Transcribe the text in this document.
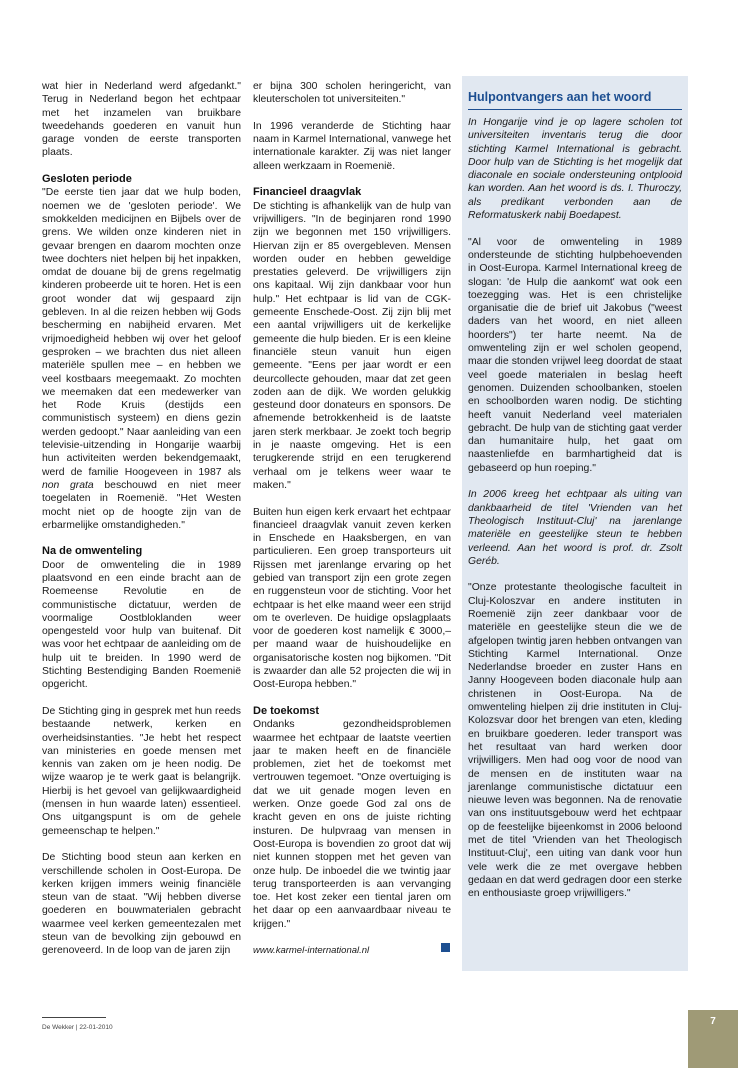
wat hier in Nederland werd afgedankt." Terug in Nederland begon het echtpaar met het inzamelen van bruikbare tweedehands goederen en vanuit hun garage vonden de eerste transporten plaats.

Gesloten periode

"De eerste tien jaar dat we hulp boden, noemen we de 'gesloten periode'. We smokkelden medicijnen en Bijbels over de grens. We wilden onze kinderen niet in gevaar brengen en daarom mochten onze twee dochters niet helpen bij het inpakken, omdat de douane bij de grens regelmatig kinderen probeerde uit te horen. Het is een groot wonder dat wij gespaard zijn gebleven. In al die reizen hebben wij Gods bescherming en nabijheid ervaren. Met vrijmoedigheid hebben wij over het geloof gesproken – we brachten dus niet alleen materiële spullen mee – en hebben we veel kostbaars meegemaakt. Zo mochten we meemaken dat een medewerker van het Rode Kruis (destijds een communistisch systeem) en diens gezin werden gedoopt." Naar aanleiding van een televisie-uitzending in Hongarije waarbij hun activiteiten werden bekendgemaakt, werd de familie Hoogeveen in 1987 als non grata beschouwd en niet meer toegelaten in Roemenië. "Het Westen mocht niet op de hoogte zijn van de erbarmelijke omstandigheden."

Na de omwenteling

Door de omwenteling die in 1989 plaatsvond en een einde bracht aan de Roemeense Revolutie en de communistische dictatuur, werden de voormalige Oostbloklanden weer opengesteld voor hulp van buitenaf. Dit was voor het echtpaar de aanleiding om de hulp uit te breiden. In 1990 werd de Stichting Bestendiging Banden Roemenië opgericht.

De Stichting ging in gesprek met hun reeds bestaande netwerk, kerken en overheidsinstanties. "Je hebt het respect van ministeries en goede mensen met kennis van zaken om je heen nodig. De wijze waarop je te werk gaat is belangrijk. Hierbij is het gevoel van gelijkwaardigheid (mensen in hun waarde laten) essentieel. Ons uitgangspunt is om de gehele gemeenschap te helpen."

De Stichting bood steun aan kerken en verschillende scholen in Oost-Europa. De kerken krijgen immers weinig financiële steun van de staat. "Wij hebben diverse goederen en bouwmaterialen gebracht waarmee veel kerken gemeentezalen met steun van de bevolking zijn gebouwd en gerenoveerd. In de loop van de jaren zijn

er bijna 300 scholen heringericht, van kleuterscholen tot universiteiten."

In 1996 veranderde de Stichting haar naam in Karmel International, vanwege het internationale karakter. Zij was niet langer alleen werkzaam in Roemenië.

Financieel draagvlak

De stichting is afhankelijk van de hulp van vrijwilligers. "In de beginjaren rond 1990 zijn we begonnen met 150 vrijwilligers. Hiervan zijn er 85 overgebleven. Mensen worden ouder en hebben geweldige prestaties geleverd. De vrijwilligers zijn ons kapitaal. Wij zijn dankbaar voor hun hulp." Het echtpaar is lid van de CGK-gemeente Enschede-Oost. Zij zijn blij met een aantal vrijwilligers uit de kerkelijke gemeente die hulp bieden. Er is een kleine financiële steun vanuit hun eigen gemeente. "Eens per jaar wordt er een deurcollecte gehouden, maar dat zet geen zoden aan de dijk. We worden gelukkig gesteund door donateurs en sponsors. De afnemende betrokkenheid is de laatste jaren sterk merkbaar. Je zoekt toch begrip in je naaste omgeving. Het is een terugkerende strijd en een terugkerend verhaal om je telkens weer waar te maken."

Buiten hun eigen kerk ervaart het echtpaar financieel draagvlak vanuit zeven kerken in Enschede en Haaksbergen, en van particulieren. Een groep transporteurs uit Rijssen met jarenlange ervaring op het gebied van transport zijn een grote zegen en ruggensteun voor de stichting. Voor het echtpaar is het elke maand weer een strijd om te overleven. De huidige opslagplaats voor de goederen kost namelijk € 3000,– per maand waar de huishoudelijke en organisatorische kosten nog bijkomen. "Dit is zwaarder dan alle 52 projecten die wij in Oost-Europa hebben."

De toekomst

Ondanks gezondheidsproblemen waarmee het echtpaar de laatste veertien jaar te maken heeft en de financiële problemen, ziet het de toekomst met vertrouwen tegemoet. "Onze overtuiging is dat we uit genade mogen leven en werken. Onze goede God zal ons de kracht geven en ons de juiste richting insturen. De hulpvraag van mensen in Oost-Europa is bovendien zo groot dat wij niet kunnen stoppen met het geven van onze hulp. De inboedel die we twintig jaar terug transporteerden is aan vervanging toe. Het kost zeker een tiental jaren om het daar op een aanvaardbaar niveau te krijgen."

www.karmel-international.nl

Hulpontvangers aan het woord

In Hongarije vind je op lagere scholen tot universiteiten inventaris terug die door stichting Karmel International is gebracht. Door hulp van de Stichting is het mogelijk dat diaconale en sociale ondersteuning ontplooid kan worden. Aan het woord is ds. I. Thuroczy, als predikant verbonden aan de Reformatuskerk nabij Boedapest.

"Al voor de omwenteling in 1989 ondersteunde de stichting hulpbehoevenden in Oost-Europa. Karmel International kreeg de slogan: 'de Hulp die aankomt' wat ook een toezegging was. Het is een christelijke organisatie die de brief uit Jakobus ("weest daders van het woord, en niet alleen hoorders") ter harte neemt. Na de omwenteling zijn er wel scholen geopend, maar die stonden vrijwel leeg doordat de staat veel goede materialen in beslag heeft genomen. Duizenden schoolbanken, stoelen en schoolborden waren nodig. De stichting heeft vanuit Nederland veel materialen gebracht. De hulp van de stichting gaat verder dan humanitaire hulp, het gaat om naastenliefde en barmhartigheid dat is gebaseerd op hun roeping."

In 2006 kreeg het echtpaar als uiting van dankbaarheid de titel 'Vrienden van het Theologisch Instituut-Cluj' na jarenlange materiële en geestelijke steun te hebben verleend. Aan het woord is prof. dr. Zsolt Geréb.

"Onze protestante theologische faculteit in Cluj-Koloszvar en andere instituten in Roemenië zijn zeer dankbaar voor de materiële en geestelijke steun die we de afgelopen twintig jaren hebben ontvangen van Stichting Karmel International. Onze Nederlandse broeder en zuster Hans en Janny Hoogeveen boden diaconale hulp aan christenen in Oost-Europa. Na de omwenteling hielpen zij drie instituten in Cluj-Kolozsvar door het brengen van eten, kleding en bruikbare goederen. Ieder transport was het resultaat van hard werken door vrijwilligers. Men had oog voor de nood van de mensen en de instituten waar na jarenlange communistische dictatuur een nieuwe leven was begonnen. Na de renovatie van ons instituutsgebouw werd het echtpaar op de feestelijke bijeenkomst in 2006 beloond met de titel 'Vrienden van het Theologisch Instituut-Cluj', een uiting van dank voor hun vele werk die ze met overgave hebben gedaan en dat werd gedragen door een sterke en enthousiaste groep vrijwilligers."

De Wekker | 22-01-2010
7
